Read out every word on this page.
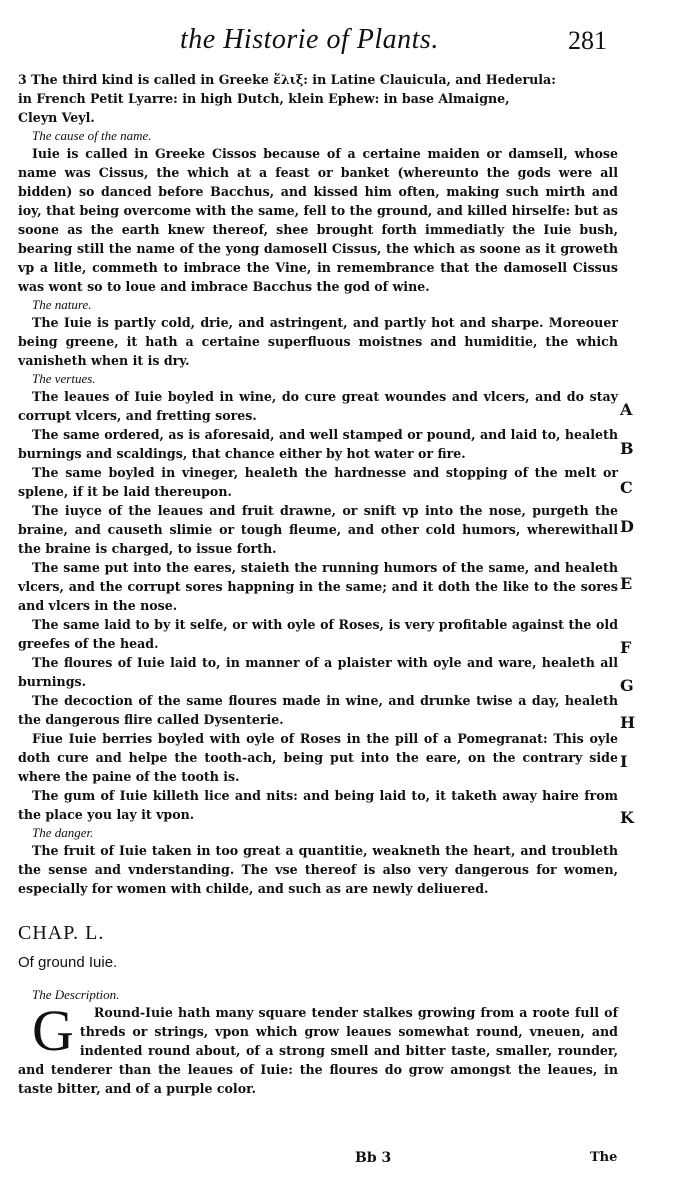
the Historie of Plants.	281

3 The third kind is called in Greeke ἕλιξ: in Latine Clauicula, and Hederula:

in French Petit Lyarre: in high Dutch, klein Ephew: in base Almaigne,

Cleyn Veyl.

The cause of the name.

Iuie is called in Greeke Cissos because of a certaine maiden or damsell, whose name was Cissus, the which at a feast or banket (whereunto the gods were all bidden) so danced before Bacchus, and kissed him often, making such mirth and ioy, that being overcome with the same, fell to the ground, and killed hirselfe: but as soone as the earth knew thereof, shee brought forth immediatly the Iuie bush, bearing still the name of the yong damosell Cissus, the which as soone as it groweth vp a litle, commeth to imbrace the Vine, in remembrance that the damosell Cissus was wont so to loue and imbrace Bacchus the god of wine.

The nature.

The Iuie is partly cold, drie, and astringent, and partly hot and sharpe. Moreouer being greene, it hath a certaine superfluous moistnes and humiditie, the which vanisheth when it is dry.

The vertues.

The leaues of Iuie boyled in wine, do cure great woundes and vlcers, and do stay corrupt vlcers, and fretting sores.

The same ordered, as is aforesaid, and well stamped or pound, and laid to, healeth burnings and scaldings, that chance either by hot water or fire.

The same boyled in vineger, healeth the hardnesse and stopping of the melt or splene, if it be laid thereupon.

The iuyce of the leaues and fruit drawne, or snift vp into the nose, purgeth the braine, and causeth slimie or tough fleume, and other cold humors, wherewithall the braine is charged, to issue forth.

The same put into the eares, staieth the running humors of the same, and healeth vlcers, and the corrupt sores happning in the same; and it doth the like to the sores and vlcers in the nose.

The same laid to by it selfe, or with oyle of Roses, is very profitable against the old greefes of the head.

The floures of Iuie laid to, in manner of a plaister with oyle and ware, healeth all burnings.

The decoction of the same floures made in wine, and drunke twise a day, healeth the dangerous flire called Dysenterie.

Fiue Iuie berries boyled with oyle of Roses in the pill of a Pomegranat: This oyle doth cure and helpe the tooth-ach, being put into the eare, on the contrary side where the paine of the tooth is.

The gum of Iuie killeth lice and nits: and being laid to, it taketh away haire from the place you lay it vpon.

The danger.

The fruit of Iuie taken in too great a quantitie, weakneth the heart, and troubleth the sense and vnderstanding. The vse thereof is also very dangerous for women, especially for women with childe, and such as are newly deliuered.

CHAP. L.
Of ground Iuie.

The Description.

G Round-Iuie hath many square tender stalkes growing from a roote full of threds or strings, vpon which grow leaues somewhat round, vneuen, and indented round about, of a strong smell and bitter taste, smaller, rounder, and tenderer than the leaues of Iuie: the floures do grow amongst the leaues, in taste bitter, and of a purple color.

A
B
C
D
E
F
G
H
I
K
Bb 3	The
